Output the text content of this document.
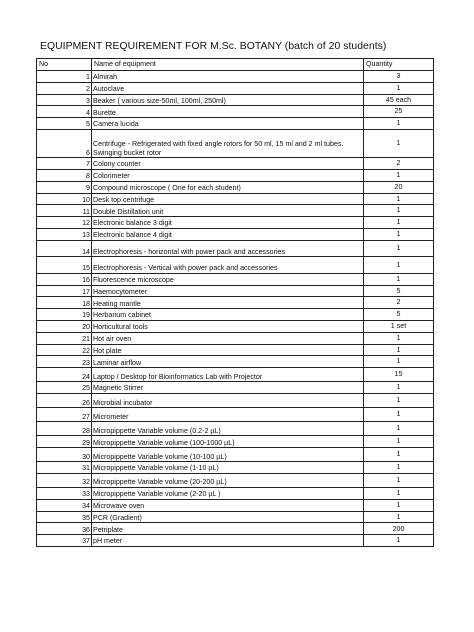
EQUIPMENT REQUIREMENT FOR M.Sc. BOTANY (batch of 20 students)
No	Name of equipment	Quantity
1	Almirah	3
2	Autoclave	1
3	Beaker ( various size-50ml, 100ml, 250ml)	45 each
4	Burette	25
5	Camera lucida	1
6	Centrifuge - Refrigerated with fixed angle rotors for 50 ml, 15 ml and 2 ml tubes. Swinging bucket rotor	1
7	Colony counter	2
8	Colorimeter	1
9	Compound microscope ( One for each student)	20
10	Desk top centrifuge	1
11	Double Distillation unit	1
12	Electronic balance 3 digit	1
13	Electronic balance 4 digit	1
14	Electrophoresis - horizontal with power pack and accessories	1
15	Electrophoresis - Vertical with power pack and accessories	1
16	Fluorescence microscope	1
17	Haemocytometer	5
18	Heating mantle	2
19	Herbarium cabinet	5
20	Horticultural tools	1 set
21	Hot air oven	1
22	Hot plate	1
23	Laminar airflow	1
24	Laptop / Desktop for Bioinformatics Lab with Projector	15
25	Magnetic Stirrer	1
26	Microbial incubator	1
27	Micrometer	1
28	Micropippette Variable volume (0.2-2 µL)	1
29	Micropippette Variable volume (100-1000 µL)	1
30	Micropippette Variable volume (10-100 µL)	1
31	Micropippette Variable volume (1-10 µL)	1
32	Micropippette Variable volume (20-200 µL)	1
33	Micropippette Variable volume (2-20 µL )	1
34	Microwave oven	1
35	PCR (Gradient)	1
36	Petriplate	200
37	pH meter	1
